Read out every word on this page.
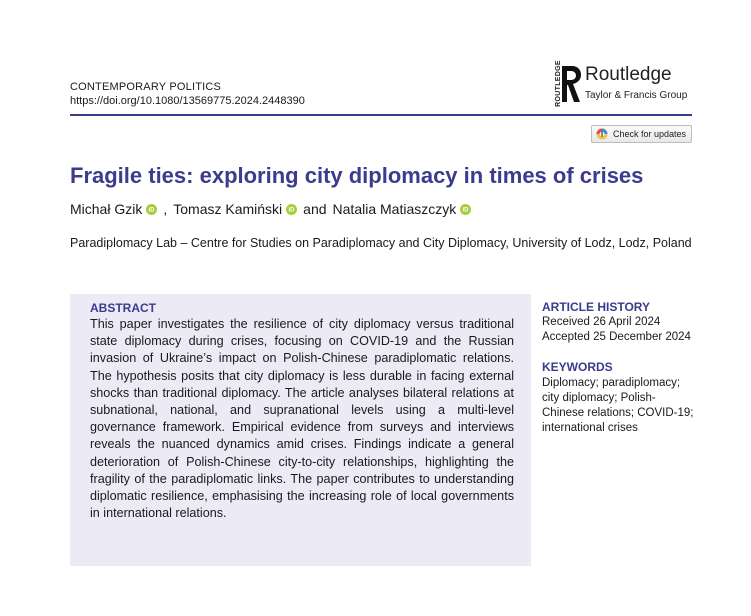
CONTEMPORARY POLITICS
https://doi.org/10.1080/13569775.2024.2448390	ROUTLEDGE Routledge
Taylor & Francis Group
Check for updates
Fragile ties: exploring city diplomacy in times of crises
Michał Gzik iD , Tomasz Kamiński iD and Natalia Matiaszczyk iD
Paradiplomacy Lab – Centre for Studies on Paradiplomacy and City Diplomacy, University of Lodz, Lodz, Poland
ABSTRACT

This paper investigates the resilience of city diplomacy versus traditional state diplomacy during crises, focusing on COVID-19 and the Russian invasion of Ukraine’s impact on Polish-Chinese paradiplomatic relations. The hypothesis posits that city diplomacy is less durable in facing external shocks than traditional diplomacy. The article analyses bilateral relations at subnational, national, and supranational levels using a multi-level governance framework. Empirical evidence from surveys and interviews reveals the nuanced dynamics amid crises. Findings indicate a general deterioration of Polish-Chinese city-to-city relationships, highlighting the fragility of the paradiplomatic links. The paper contributes to understanding diplomatic resilience, emphasising the increasing role of local governments in international relations.

ARTICLE HISTORY
Received 26 April 2024
Accepted 25 December 2024
KEYWORDS
Diplomacy; paradiplomacy;
city diplomacy; Polish-
Chinese relations; COVID-19;
international crises
